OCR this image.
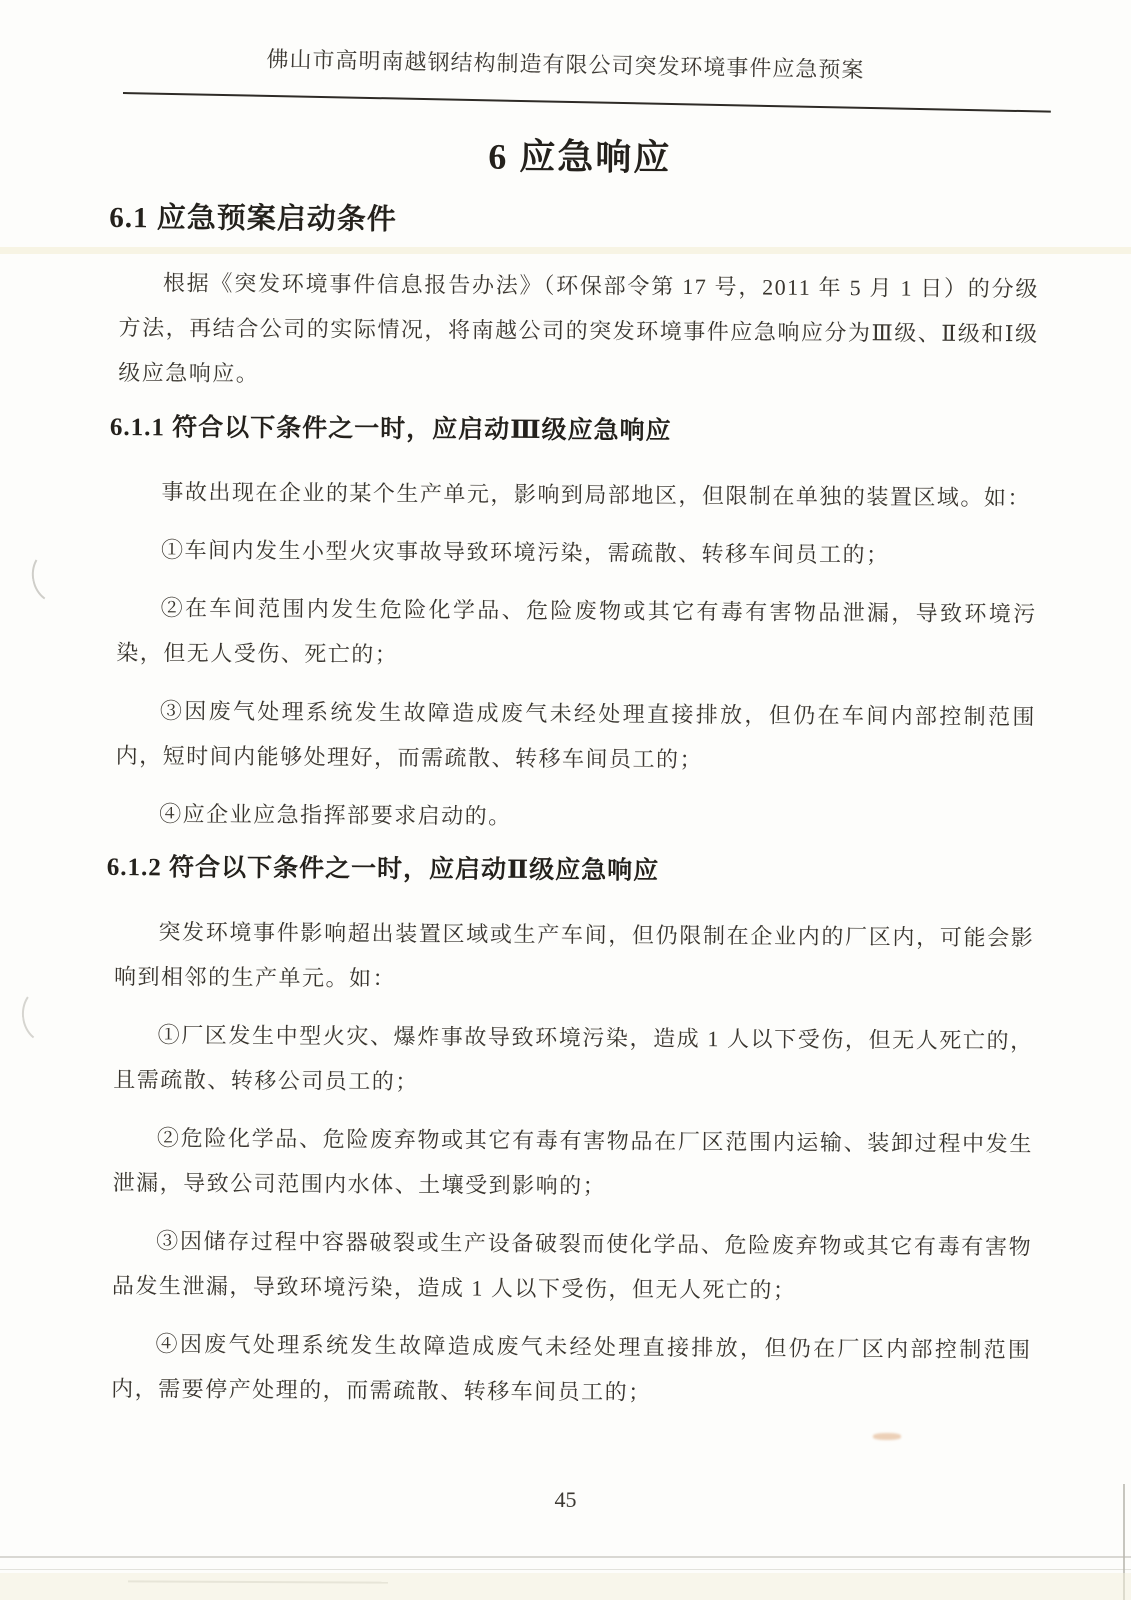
佛山市高明南越钢结构制造有限公司突发环境事件应急预案
6 应急响应
6.1 应急预案启动条件

根据《突发环境事件信息报告办法》（环保部令第 17 号，2011 年 5 月 1 日）的分级方法，再结合公司的实际情况，将南越公司的突发环境事件应急响应分为Ⅲ级、Ⅱ级和Ⅰ级级应急响应。

6.1.1 符合以下条件之一时，应启动Ⅲ级应急响应

事故出现在企业的某个生产单元，影响到局部地区，但限制在单独的装置区域。如：

①车间内发生小型火灾事故导致环境污染，需疏散、转移车间员工的；

②在车间范围内发生危险化学品、危险废物或其它有毒有害物品泄漏，导致环境污染，但无人受伤、死亡的；

③因废气处理系统发生故障造成废气未经处理直接排放，但仍在车间内部控制范围内，短时间内能够处理好，而需疏散、转移车间员工的；

④应企业应急指挥部要求启动的。

6.1.2 符合以下条件之一时，应启动Ⅱ级应急响应

突发环境事件影响超出装置区域或生产车间，但仍限制在企业内的厂区内，可能会影响到相邻的生产单元。如：

①厂区发生中型火灾、爆炸事故导致环境污染，造成 1 人以下受伤，但无人死亡的，且需疏散、转移公司员工的；

②危险化学品、危险废弃物或其它有毒有害物品在厂区范围内运输、装卸过程中发生泄漏，导致公司范围内水体、土壤受到影响的；

③因储存过程中容器破裂或生产设备破裂而使化学品、危险废弃物或其它有毒有害物品发生泄漏，导致环境污染，造成 1 人以下受伤，但无人死亡的；

④因废气处理系统发生故障造成废气未经处理直接排放，但仍在厂区内部控制范围内，需要停产处理的，而需疏散、转移车间员工的；

45
